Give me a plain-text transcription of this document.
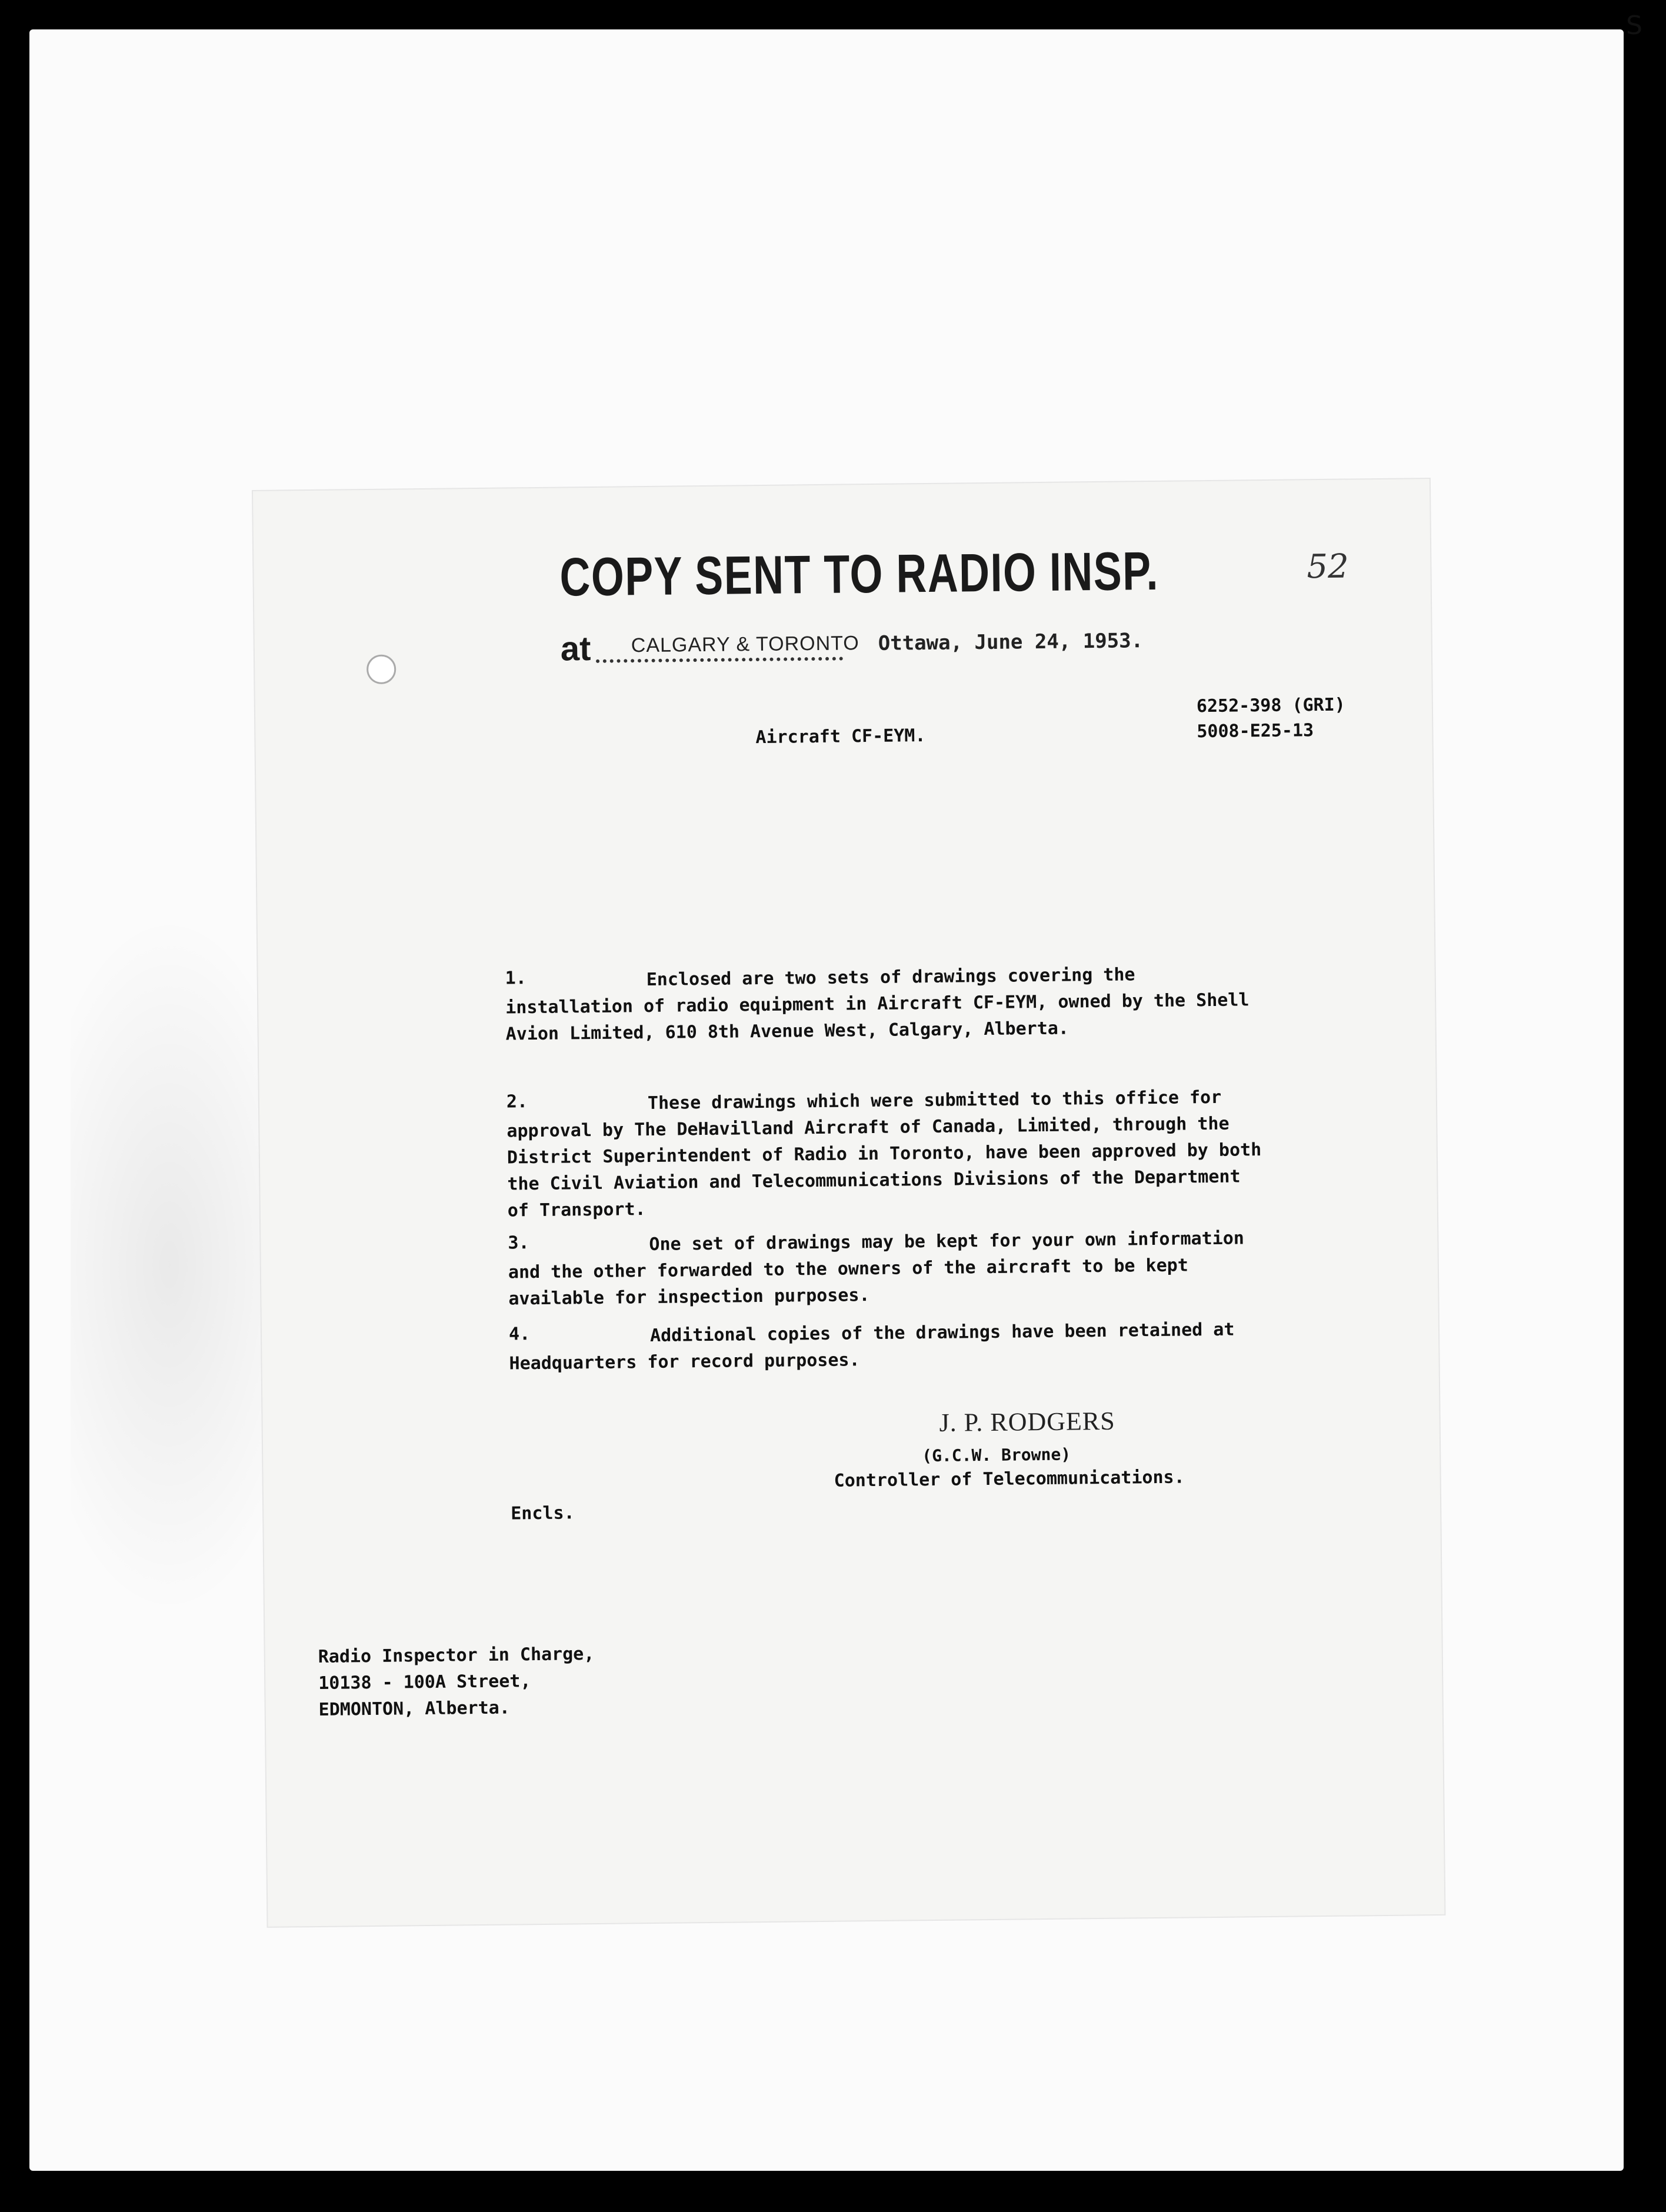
S
COPY SENT TO RADIO INSP.
at CALGARY & TORONTO Ottawa, June 24, 1953.
52
Aircraft CF-EYM.
6252-398 (GRI)
5008-E25-13
1.	Enclosed are two sets of drawings covering the installation of radio equipment in Aircraft CF-EYM, owned by the Shell Avion Limited, 610 8th Avenue West, Calgary, Alberta.
2.	These drawings which were submitted to this office for approval by The DeHavilland Aircraft of Canada, Limited, through the District Superintendent of Radio in Toronto, have been approved by both the Civil Aviation and Telecommunications Divisions of the Department of Transport.
3.	One set of drawings may be kept for your own information and the other forwarded to the owners of the aircraft to be kept available for inspection purposes.
4.	Additional copies of the drawings have been retained at Headquarters for record purposes.
J. P. RODGERS
(G.C.W. Browne)
Controller of Telecommunications.
Encls.
Radio Inspector in Charge,
10138 - 100A Street,
EDMONTON, Alberta.
